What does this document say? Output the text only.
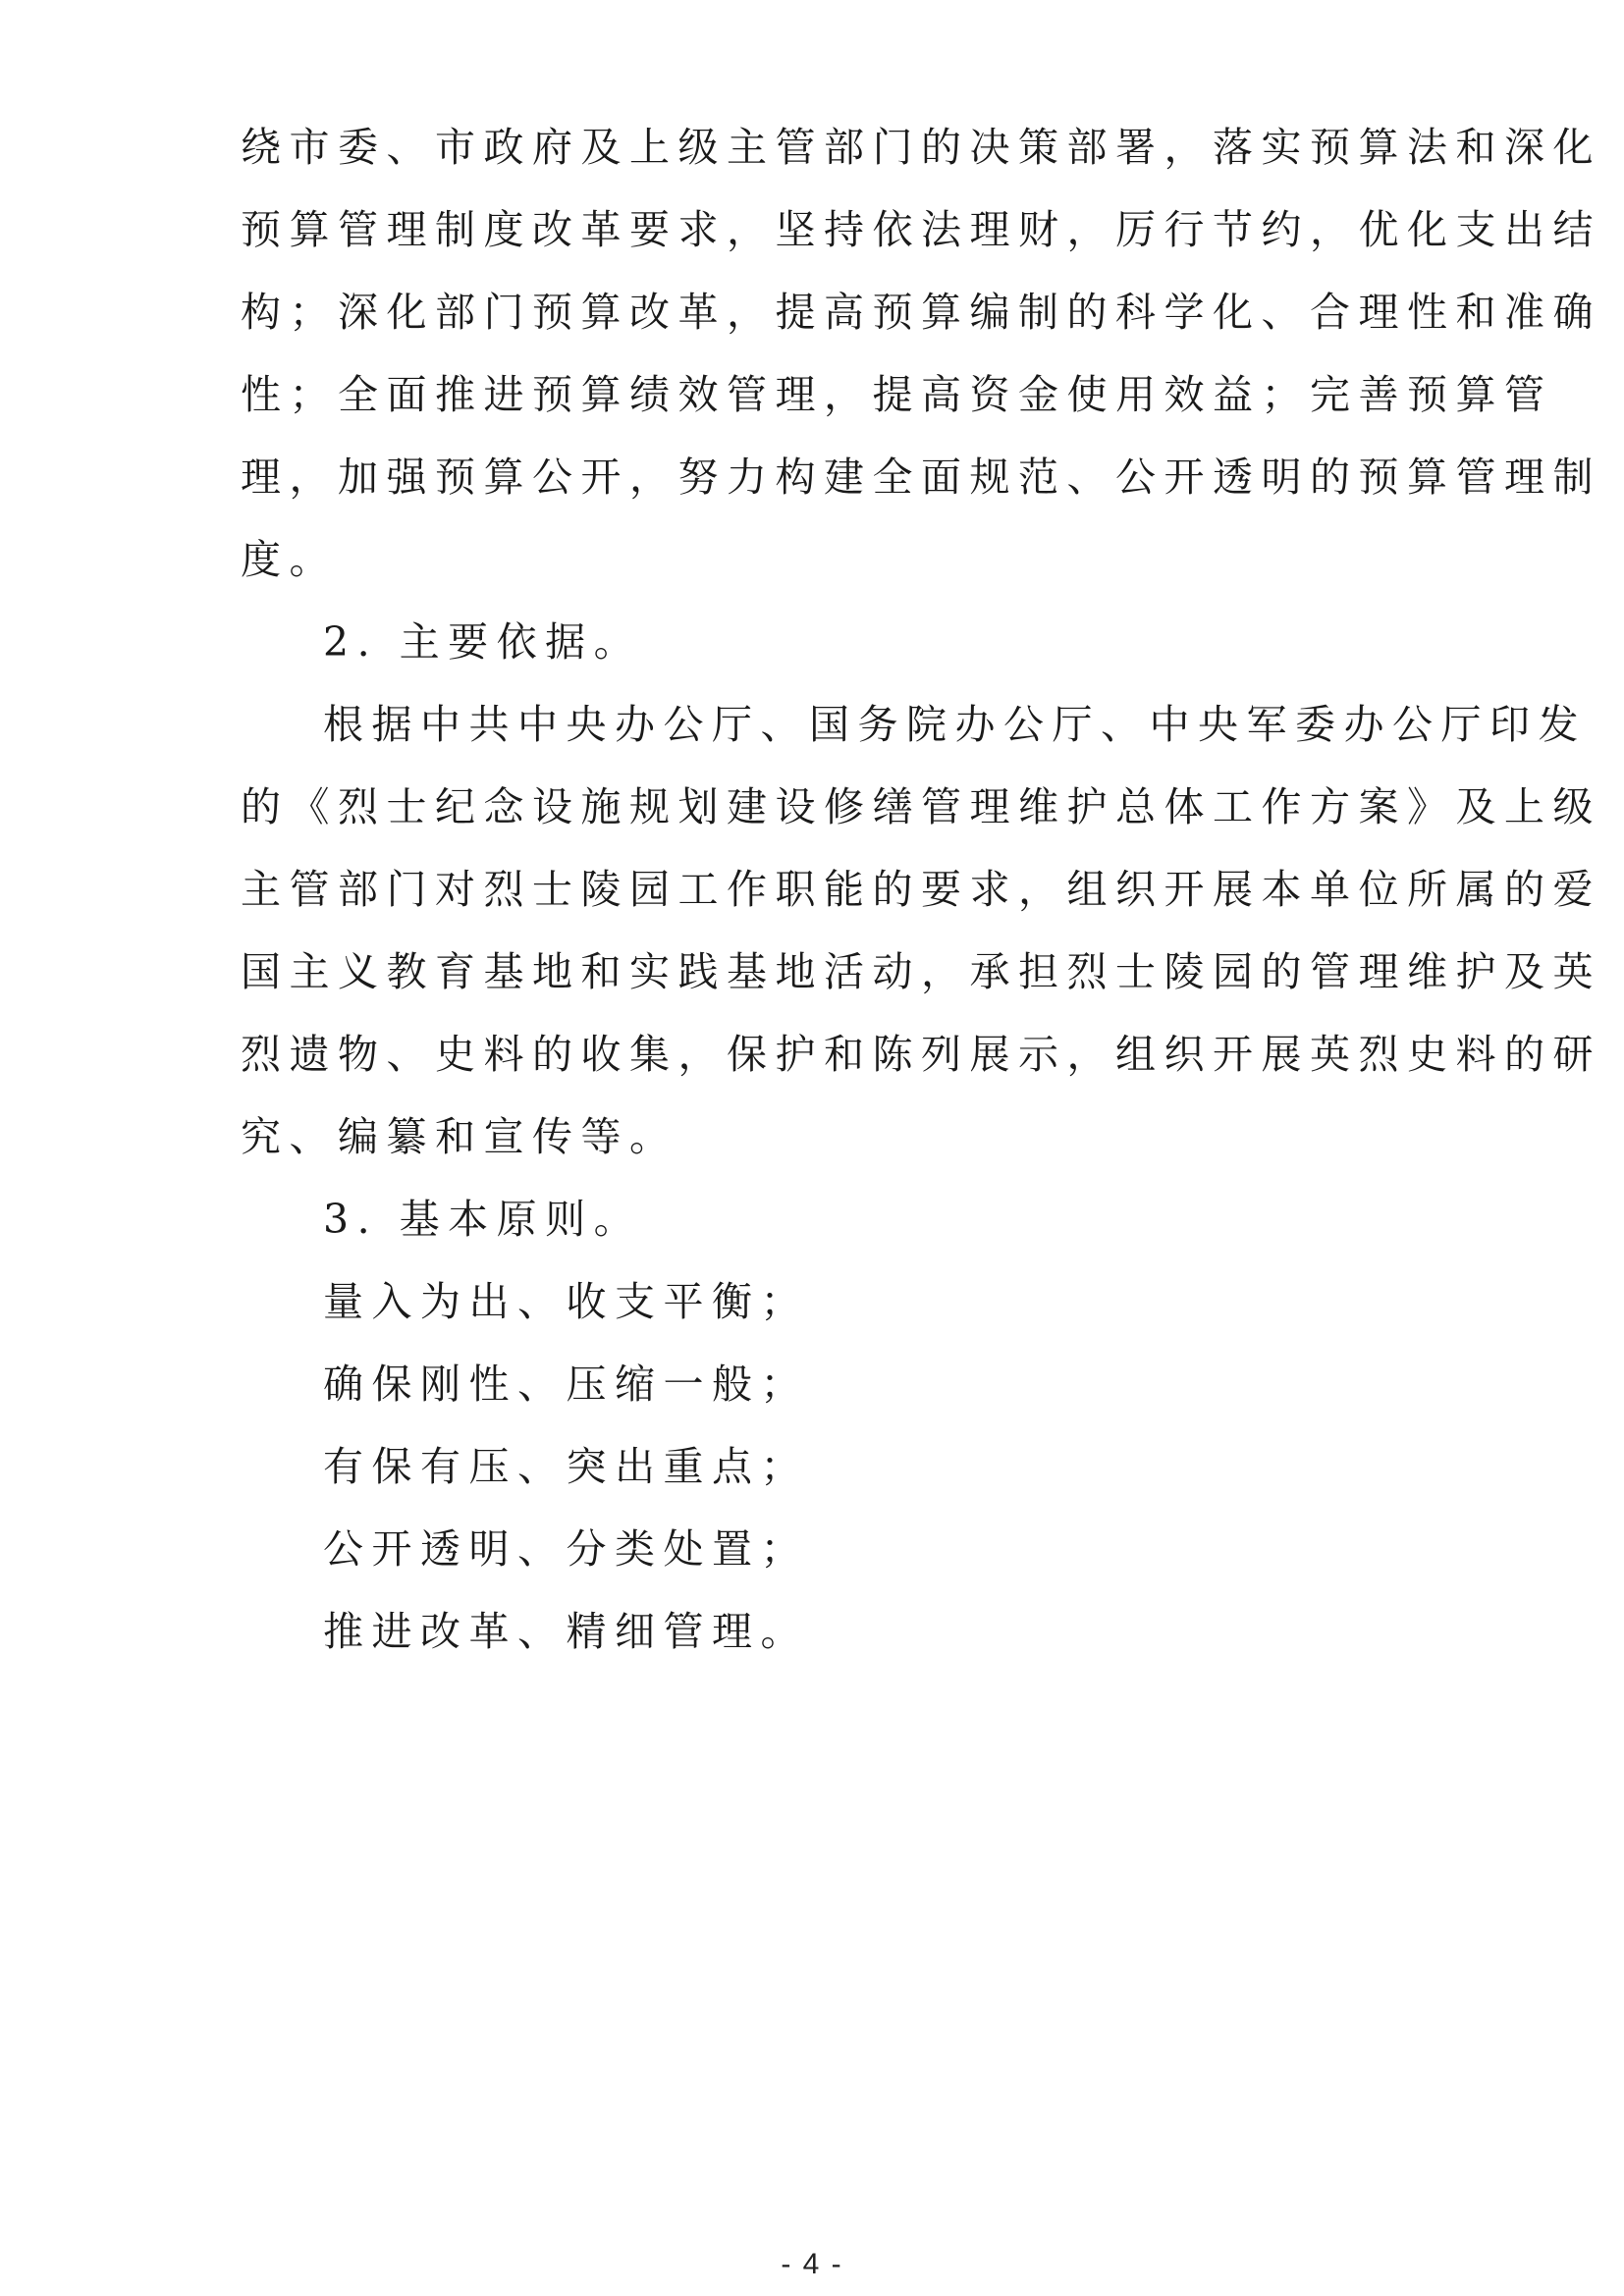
绕市委、市政府及上级主管部门的决策部署，落实预算法和深化
预算管理制度改革要求，坚持依法理财，厉行节约，优化支出结
构；深化部门预算改革，提高预算编制的科学化、合理性和准确
性；全面推进预算绩效管理，提高资金使用效益；完善预算管
理，加强预算公开，努力构建全面规范、公开透明的预算管理制
度。

2. 主要依据。

根据中共中央办公厅、国务院办公厅、中央军委办公厅印发
的《烈士纪念设施规划建设修缮管理维护总体工作方案》及上级
主管部门对烈士陵园工作职能的要求，组织开展本单位所属的爱
国主义教育基地和实践基地活动，承担烈士陵园的管理维护及英
烈遗物、史料的收集，保护和陈列展示，组织开展英烈史料的研
究、编纂和宣传等。

3. 基本原则。

量入为出、收支平衡；
确保刚性、压缩一般；
有保有压、突出重点；
公开透明、分类处置；
推进改革、精细管理。

- 4 -
